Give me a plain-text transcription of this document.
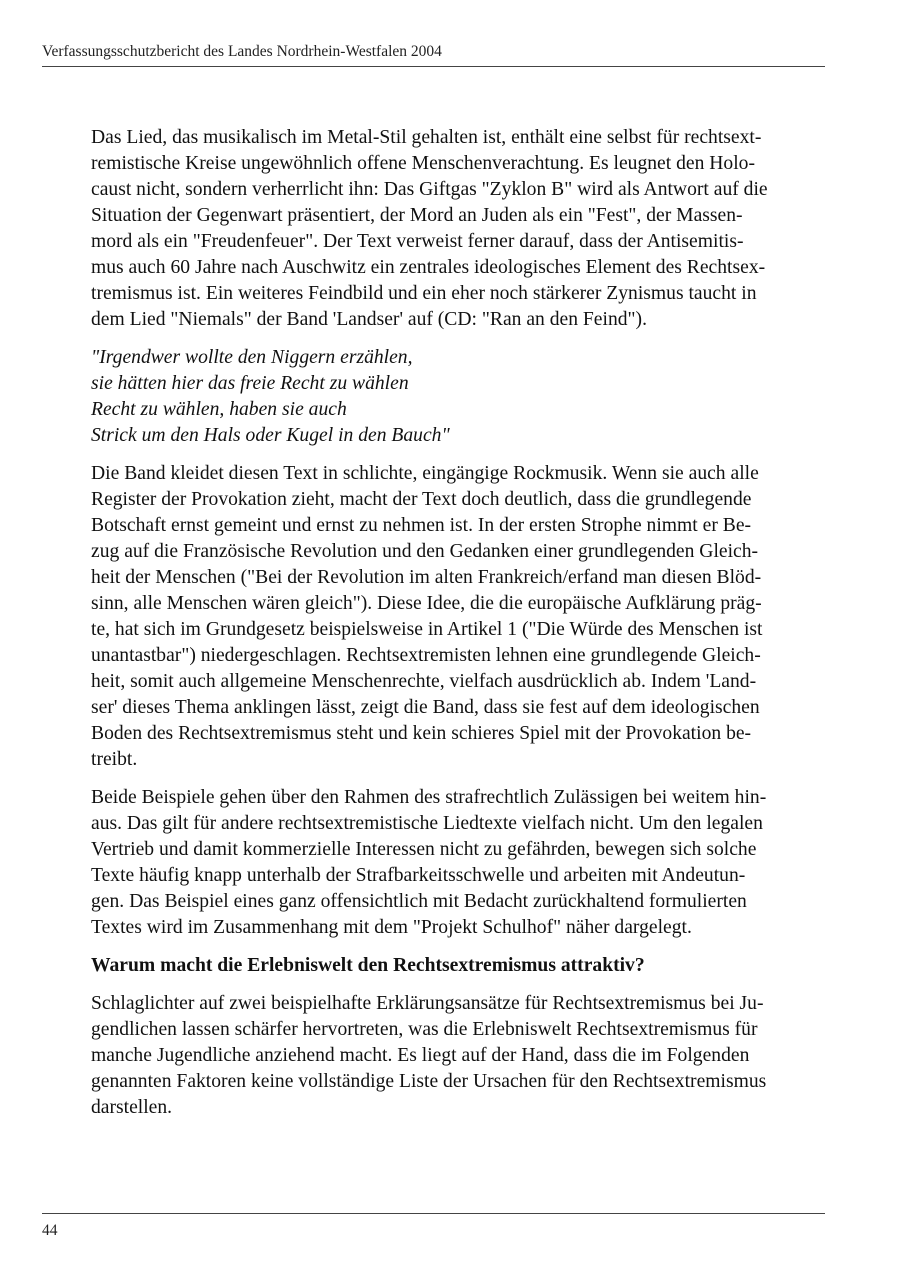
Verfassungsschutzbericht des Landes Nordrhein-Westfalen 2004
Das Lied, das musikalisch im Metal-Stil gehalten ist, enthält eine selbst für rechtsext-
remistische Kreise ungewöhnlich offene Menschenverachtung. Es leugnet den Holo-
caust nicht, sondern verherrlicht ihn: Das Giftgas "Zyklon B" wird als Antwort auf die
Situation der Gegenwart präsentiert, der Mord an Juden als ein "Fest", der Massen-
mord als ein "Freudenfeuer". Der Text verweist ferner darauf, dass der Antisemitis-
mus auch 60 Jahre nach Auschwitz ein zentrales ideologisches Element des Rechtsex-
tremismus ist. Ein weiteres Feindbild und ein eher noch stärkerer Zynismus taucht in
dem Lied "Niemals" der Band 'Landser' auf (CD: "Ran an den Feind").
"Irgendwer wollte den Niggern erzählen,
sie hätten hier das freie Recht zu wählen
Recht zu wählen, haben sie auch
Strick um den Hals oder Kugel in den Bauch"
Die Band kleidet diesen Text in schlichte, eingängige Rockmusik. Wenn sie auch alle
Register der Provokation zieht, macht der Text doch deutlich, dass die grundlegende
Botschaft ernst gemeint und ernst zu nehmen ist. In der ersten Strophe nimmt er Be-
zug auf die Französische Revolution und den Gedanken einer grundlegenden Gleich-
heit der Menschen ("Bei der Revolution im alten Frankreich/erfand man diesen Blöd-
sinn, alle Menschen wären gleich"). Diese Idee, die die europäische Aufklärung präg-
te, hat sich im Grundgesetz beispielsweise in Artikel 1 ("Die Würde des Menschen ist
unantastbar") niedergeschlagen. Rechtsextremisten lehnen eine grundlegende Gleich-
heit, somit auch allgemeine Menschenrechte, vielfach ausdrücklich ab. Indem 'Land-
ser' dieses Thema anklingen lässt, zeigt die Band, dass sie fest auf dem ideologischen
Boden des Rechtsextremismus steht und kein schieres Spiel mit der Provokation be-
treibt.
Beide Beispiele gehen über den Rahmen des strafrechtlich Zulässigen bei weitem hin-
aus. Das gilt für andere rechtsextremistische Liedtexte vielfach nicht. Um den legalen
Vertrieb und damit kommerzielle Interessen nicht zu gefährden, bewegen sich solche
Texte häufig knapp unterhalb der Strafbarkeitsschwelle und arbeiten mit Andeutun-
gen. Das Beispiel eines ganz offensichtlich mit Bedacht zurückhaltend formulierten
Textes wird im Zusammenhang mit dem "Projekt Schulhof" näher dargelegt.
Warum macht die Erlebniswelt den Rechtsextremismus attraktiv?
Schlaglichter auf zwei beispielhafte Erklärungsansätze für Rechtsextremismus bei Ju-
gendlichen lassen schärfer hervortreten, was die Erlebniswelt Rechtsextremismus für
manche Jugendliche anziehend macht. Es liegt auf der Hand, dass die im Folgenden
genannten Faktoren keine vollständige Liste der Ursachen für den Rechtsextremismus
darstellen.
44
